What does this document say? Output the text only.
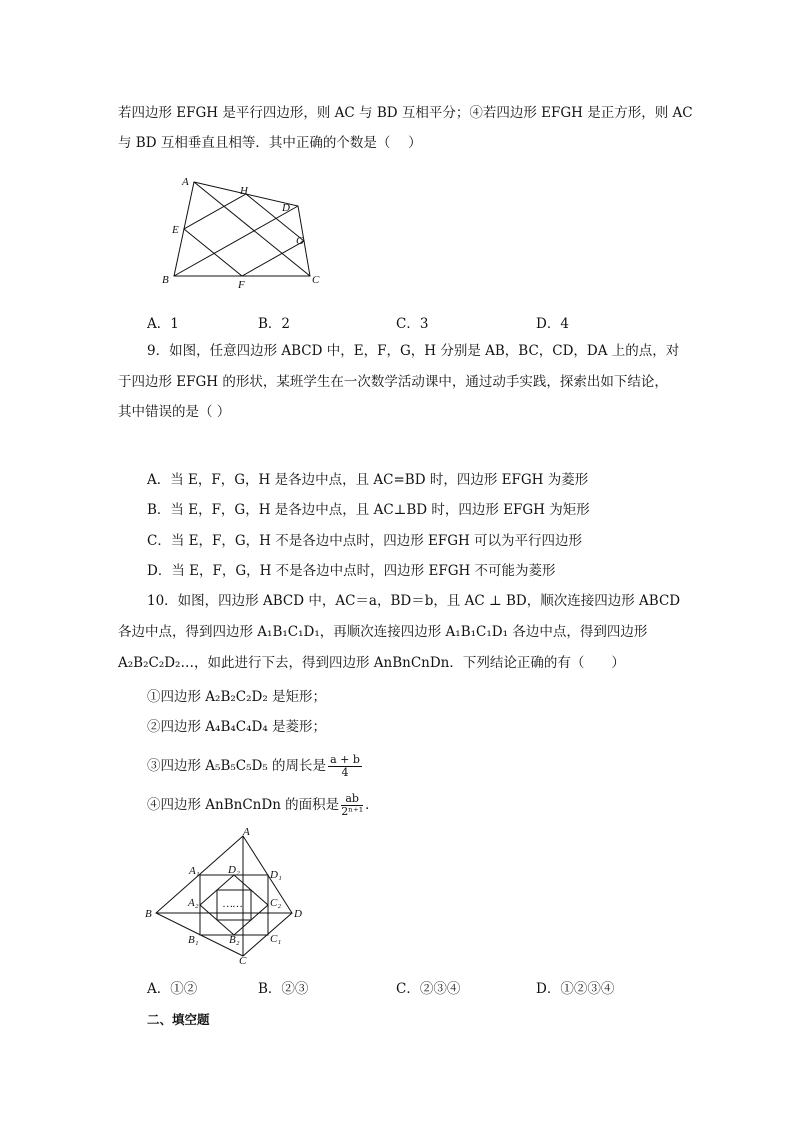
若四边形 EFGH 是平行四边形，则 AC 与 BD 互相平分；④若四边形 EFGH 是正方形，则 AC
与 BD 互相垂直且相等．其中正确的个数是（　 ）
A
H
D
E
G
B	F	C
A．1	B．2	C．3	D．4
9．如图，任意四边形 ABCD 中，E，F，G，H 分别是 AB，BC，CD，DA 上的点，对
于四边形 EFGH 的形状，某班学生在一次数学活动课中，通过动手实践，探索出如下结论，
其中错误的是（ ）
A．当 E，F，G，H 是各边中点，且 AC=BD 时，四边形 EFGH 为菱形
B．当 E，F，G，H 是各边中点，且 AC⊥BD 时，四边形 EFGH 为矩形
C．当 E，F，G，H 不是各边中点时，四边形 EFGH 可以为平行四边形
D．当 E，F，G，H 不是各边中点时，四边形 EFGH 不可能为菱形
10．如图，四边形 ABCD 中，AC＝a，BD＝b，且 AC ⊥ BD，顺次连接四边形 ABCD
各边中点，得到四边形 A₁B₁C₁D₁，再顺次连接四边形 A₁B₁C₁D₁ 各边中点，得到四边形
A₂B₂C₂D₂…，如此进行下去，得到四边形 AnBnCnDn．下列结论正确的有（　　）
①四边形 A₂B₂C₂D₂ 是矩形；
②四边形 A₄B₄C₄D₄ 是菱形；
③四边形 A₅B₅C₅D₅ 的周长是 $\frac{a + b}{4}$
④四边形 AnBnCnDn 的面积是 $\frac{ab}{\text{2ⁿ⁺¹}}$ ．
A
A₁	D₂	D₁
B
A₂ …… C₂
D
B₁	B₂	C₁
C
A．①②	B．②③	C．②③④	D．①②③④
二、填空题
